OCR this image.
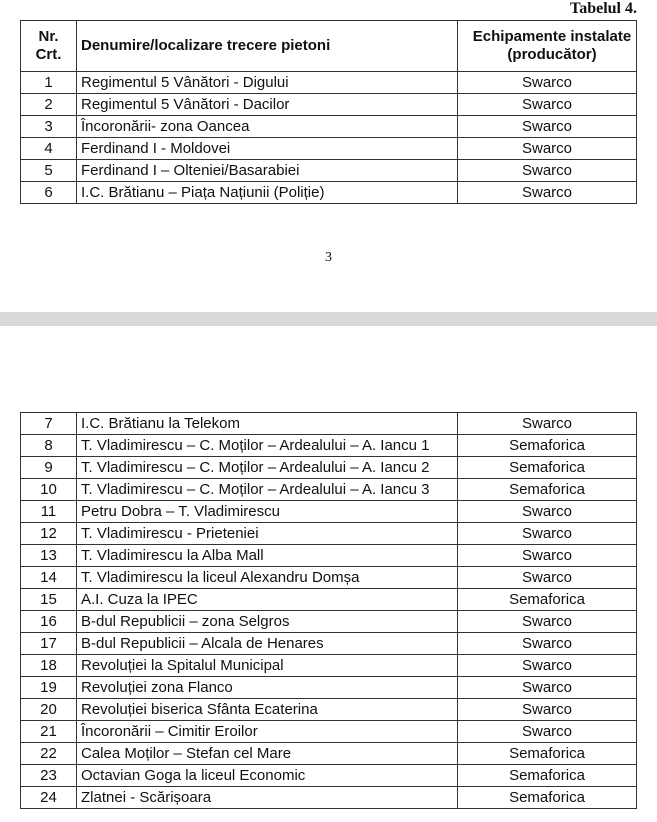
Tabelul 4.
Nr. Crt.	Denumire/localizare trecere pietoni	Echipamente instalate (producător)
1	Regimentul 5 Vânători - Digului	Swarco
2	Regimentul 5 Vânători - Dacilor	Swarco
3	Încoronării- zona Oancea	Swarco
4	Ferdinand I - Moldovei	Swarco
5	Ferdinand I – Olteniei/Basarabiei	Swarco
6	I.C. Brătianu – Piața Națiunii (Poliție)	Swarco
3
7	I.C. Brătianu la Telekom	Swarco
8	T. Vladimirescu – C. Moților – Ardealului – A. Iancu 1	Semaforica
9	T. Vladimirescu – C. Moților – Ardealului – A. Iancu 2	Semaforica
10	T. Vladimirescu – C. Moților – Ardealului – A. Iancu 3	Semaforica
11	Petru Dobra – T. Vladimirescu	Swarco
12	T. Vladimirescu - Prieteniei	Swarco
13	T. Vladimirescu la Alba Mall	Swarco
14	T. Vladimirescu la liceul Alexandru Domșa	Swarco
15	A.I. Cuza la IPEC	Semaforica
16	B-dul Republicii – zona Selgros	Swarco
17	B-dul Republicii – Alcala de Henares	Swarco
18	Revoluției la Spitalul Municipal	Swarco
19	Revoluției zona Flanco	Swarco
20	Revoluției biserica Sfânta Ecaterina	Swarco
21	Încoronării – Cimitir Eroilor	Swarco
22	Calea Moților – Stefan cel Mare	Semaforica
23	Octavian Goga la liceul Economic	Semaforica
24	Zlatnei - Scărișoara	Semaforica
